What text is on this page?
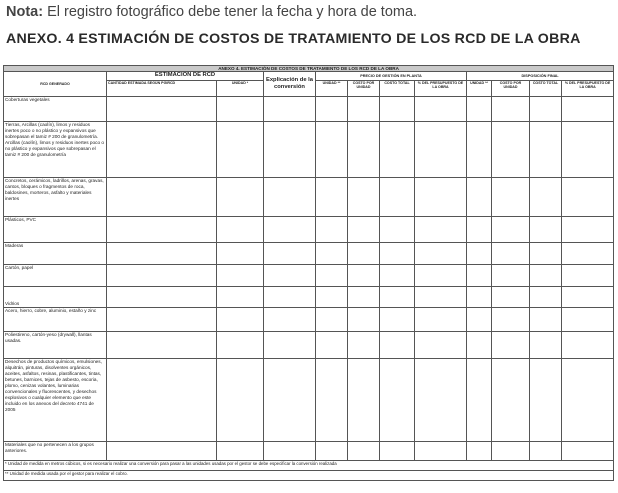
Nota: El registro fotográfico debe tener la fecha y hora de toma.
ANEXO. 4 ESTIMACIÓN DE COSTOS DE TRATAMIENTO DE LOS RCD DE LA OBRA
ANEXO 4. ESTIMACIÓN DE COSTOS DE TRATAMIENTO DE LOS RCD DE LA OBRA											
RCD GENERADO	ESTIMACIÓN DE RCD		Explicación de la conversión	PRECIO DE GESTIÓN EN PLANTA				DISPOSICIÓN FINAL			
	CANTIDAD ESTIMADA SEGÚN PGIRCD	UNIDAD *		UNIDAD **	COSTO POR UNIDAD	COSTO TOTAL	% DEL PRESUPUESTO DE LA OBRA	UNIDAD **	COSTO POR UNIDAD	COSTO TOTAL	% DEL PRESUPUESTO DE LA OBRA
Coberturas vegetales											
Tierras, Arcillas (caolín), limos y residuos inertes poco o no plástico y expansivos que sobrepasan el tamiz # 200 de granulometría. Arcillas (caolín), limos y residuos inertes poco o no plástico y expansivos que sobrepasan el tamiz # 200 de granulometría											
Concretos, cerámicos, ladrillos, arenas, gravas, cantos, bloques o fragmentos de roca, baldosines, morteros, asfalto y materiales inertes											
Plásticos, PVC											
Maderas											
Cartón, papel											
Vidrios											
Acero, hierro, cobre, aluminio, estaño y zinc											
Poliestireno, cartón-yeso (drywall), llantas usadas.											
Desechos de productos químicos, emulsiones, alquitrán, pinturas, disolventes orgánicos, aceites, asfaltos, resinas, plastificantes, tintas, betunes, barnices, tejas de asbesto, escoria, plomo, cenizas volantes, luminarias convencionales y fluorescentes, y desechos explosivos o cualquier elemento que este incluido en los anexos del decreto 4741 de 2005											
Materiales que no pertenecen a los grupos anteriores.											
* Unidad de medida en metros cúbicos, si es necesario realizar una conversión para pasar a las unidades usadas por el gestor se debe especificar la conversión realizada											
** Unidad de medida usada por el gestor para realizar el cobro.											
